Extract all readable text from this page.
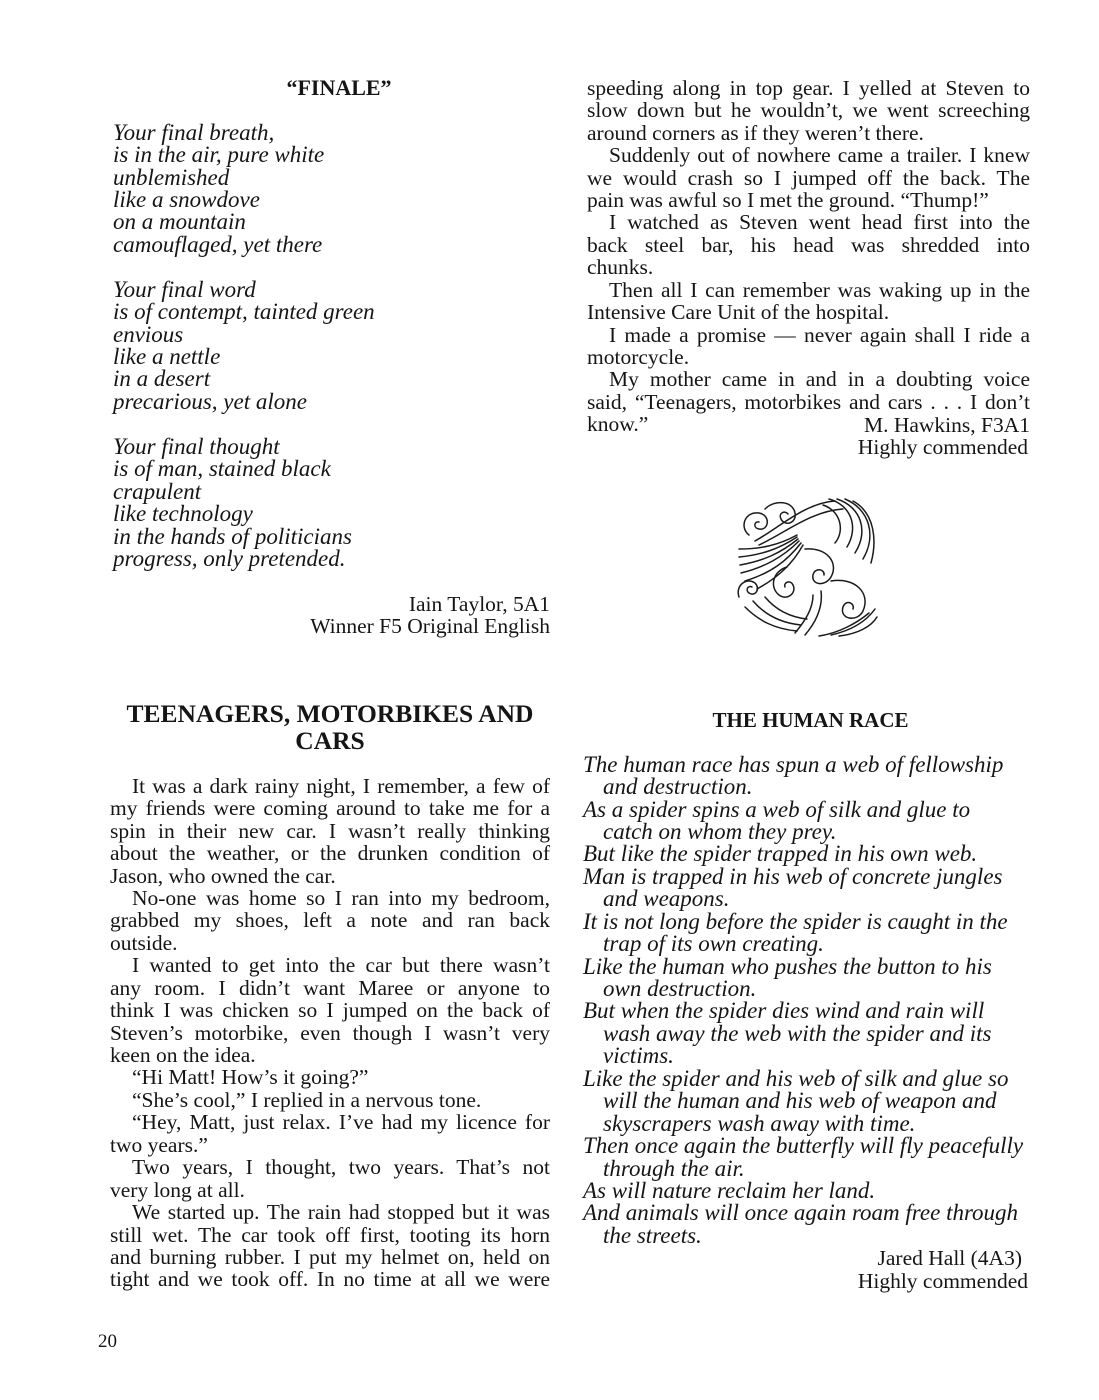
“FINALE”
Your final breath,
is in the air, pure white
unblemished
like a snowdove
on a mountain
camouflaged, yet there
Your final word
is of contempt, tainted green
envious
like a nettle
in a desert
precarious, yet alone
Your final thought
is of man, stained black
crapulent
like technology
in the hands of politicians
progress, only pretended.
Iain Taylor, 5A1
Winner F5 Original English
speeding along in top gear. I yelled at Steven to
slow down but he wouldn’t, we went screeching
around corners as if they weren’t there.
Suddenly out of nowhere came a trailer. I knew
we would crash so I jumped off the back. The
pain was awful so I met the ground. “Thump!”
I watched as Steven went head first into the
back steel bar, his head was shredded into
chunks.
Then all I can remember was waking up in the
Intensive Care Unit of the hospital.
I made a promise — never again shall I ride a
motorcycle.
My mother came in and in a doubting voice
said, “Teenagers, motorbikes and cars . . . I don’t
know.”
Highly commended
M. Hawkins, F3A1
TEENAGERS, MOTORBIKES AND CARS
It was a dark rainy night, I remember, a few of
my friends were coming around to take me for a
spin in their new car. I wasn’t really thinking
about the weather, or the drunken condition of
Jason, who owned the car.
No-one was home so I ran into my bedroom,
grabbed my shoes, left a note and ran back
outside.
I wanted to get into the car but there wasn’t
any room. I didn’t want Maree or anyone to
think I was chicken so I jumped on the back of
Steven’s motorbike, even though I wasn’t very
keen on the idea.
“Hi Matt! How’s it going?”
“She’s cool,” I replied in a nervous tone.
“Hey, Matt, just relax. I’ve had my licence for
two years.”
Two years, I thought, two years. That’s not
very long at all.
We started up. The rain had stopped but it was
still wet. The car took off first, tooting its horn
and burning rubber. I put my helmet on, held on
tight and we took off. In no time at all we were
THE HUMAN RACE
The human race has spun a web of fellowship
and destruction.
As a spider spins a web of silk and glue to
catch on whom they prey.
But like the spider trapped in his own web.
Man is trapped in his web of concrete jungles
and weapons.
It is not long before the spider is caught in the
trap of its own creating.
Like the human who pushes the button to his
own destruction.
But when the spider dies wind and rain will
wash away the web with the spider and its
victims.
Like the spider and his web of silk and glue so
will the human and his web of weapon and
skyscrapers wash away with time.
Then once again the butterfly will fly peacefully
through the air.
As will nature reclaim her land.
And animals will once again roam free through
the streets.
Jared Hall (4A3)
Highly commended
20
